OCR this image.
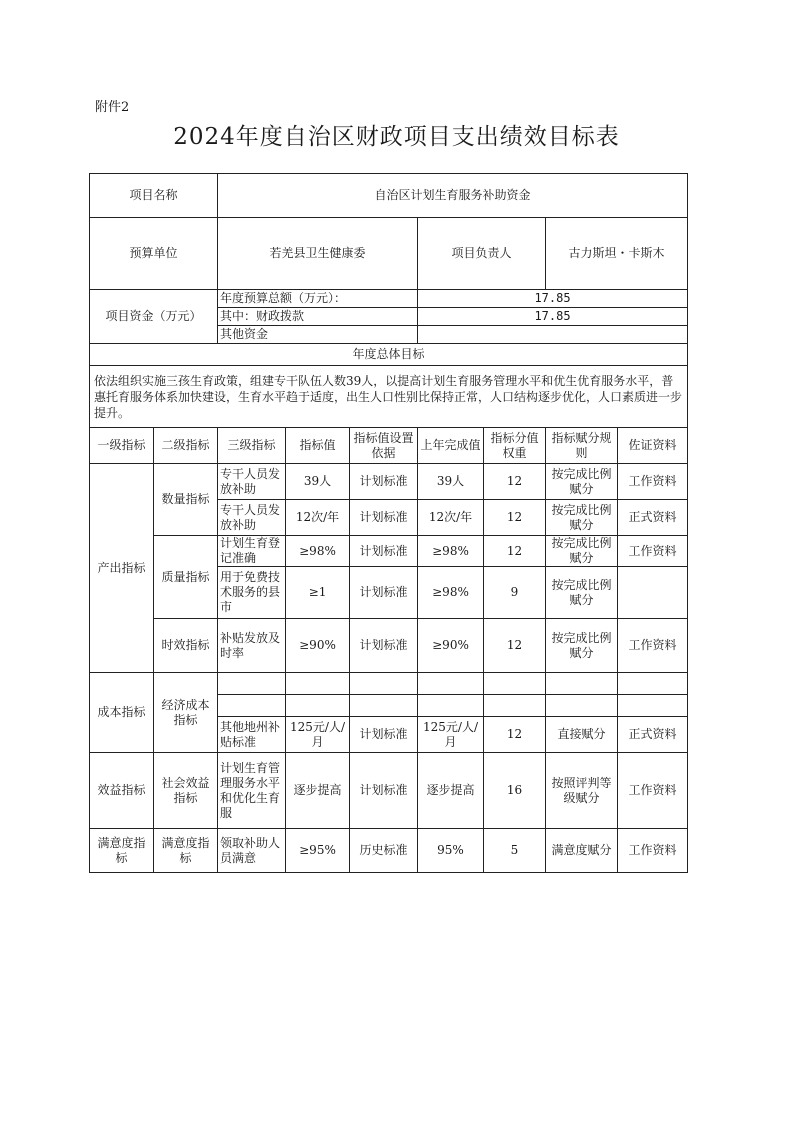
附件2
2024年度自治区财政项目支出绩效目标表
项目名称		自治区计划生育服务补助资金						
预算单位		若羌县卫生健康委			项目负责人		古力斯坦・卡斯木	
项目资金（万元）		年度预算总额（万元）：			17.85			
		其中：财政拨款			17.85			
		其他资金						
年度总体目标								
依法组织实施三孩生育政策，组建专干队伍人数39人，以提高计划生育服务管理水平和优生优育服务水平，普惠托育服务体系加快建设，生育水平趋于适度，出生人口性别比保持正常，人口结构逐步优化，人口素质进一步提升。								
一级指标	二级指标	三级指标	指标值	指标值设置依据	上年完成值	指标分值权重	指标赋分规则	佐证资料
产出指标	数量指标	专干人员发放补助	39人	计划标准	39人	12	按完成比例赋分	工作资料
		专干人员发放补助	12次/年	计划标准	12次/年	12	按完成比例赋分	正式资料
	质量指标	计划生育登记准确	≥98%	计划标准	≥98%	12	按完成比例赋分	工作资料
		用于免费技术服务的县市	≥1	计划标准	≥98%	9	按完成比例赋分	
	时效指标	补贴发放及时率	≥90%	计划标准	≥90%	12	按完成比例赋分	工作资料
成本指标	经济成本指标							

		其他地州补贴标准	125元/人/月	计划标准	125元/人/月	12	直接赋分	正式资料
效益指标	社会效益指标	计划生育管理服务水平和优化生育服	逐步提高	计划标准	逐步提高	16	按照评判等级赋分	工作资料
满意度指标	满意度指标	领取补助人员满意	≥95%	历史标准	95%	5	满意度赋分	工作资料
